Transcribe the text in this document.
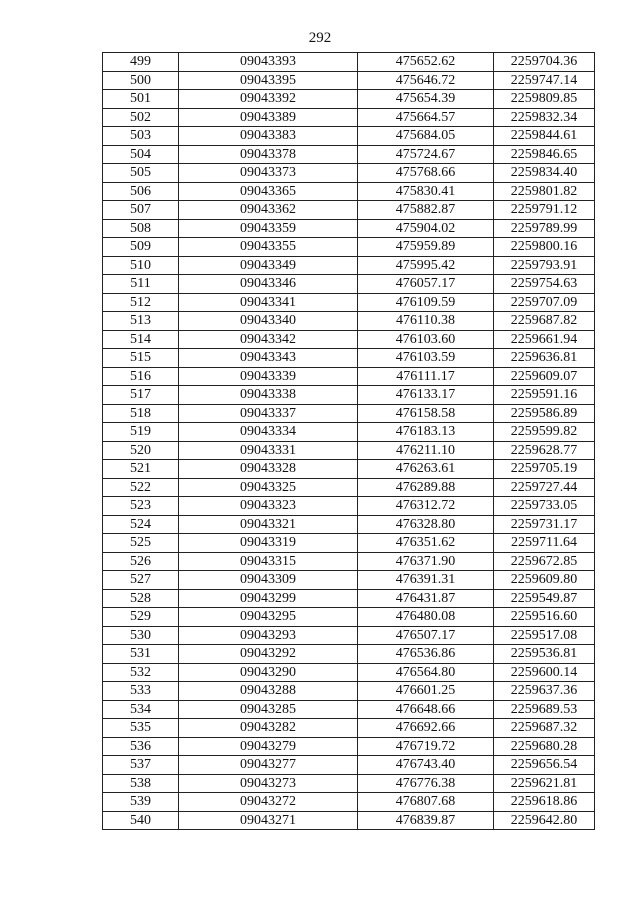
292
499	09043393	475652.62	2259704.36
500	09043395	475646.72	2259747.14
501	09043392	475654.39	2259809.85
502	09043389	475664.57	2259832.34
503	09043383	475684.05	2259844.61
504	09043378	475724.67	2259846.65
505	09043373	475768.66	2259834.40
506	09043365	475830.41	2259801.82
507	09043362	475882.87	2259791.12
508	09043359	475904.02	2259789.99
509	09043355	475959.89	2259800.16
510	09043349	475995.42	2259793.91
511	09043346	476057.17	2259754.63
512	09043341	476109.59	2259707.09
513	09043340	476110.38	2259687.82
514	09043342	476103.60	2259661.94
515	09043343	476103.59	2259636.81
516	09043339	476111.17	2259609.07
517	09043338	476133.17	2259591.16
518	09043337	476158.58	2259586.89
519	09043334	476183.13	2259599.82
520	09043331	476211.10	2259628.77
521	09043328	476263.61	2259705.19
522	09043325	476289.88	2259727.44
523	09043323	476312.72	2259733.05
524	09043321	476328.80	2259731.17
525	09043319	476351.62	2259711.64
526	09043315	476371.90	2259672.85
527	09043309	476391.31	2259609.80
528	09043299	476431.87	2259549.87
529	09043295	476480.08	2259516.60
530	09043293	476507.17	2259517.08
531	09043292	476536.86	2259536.81
532	09043290	476564.80	2259600.14
533	09043288	476601.25	2259637.36
534	09043285	476648.66	2259689.53
535	09043282	476692.66	2259687.32
536	09043279	476719.72	2259680.28
537	09043277	476743.40	2259656.54
538	09043273	476776.38	2259621.81
539	09043272	476807.68	2259618.86
540	09043271	476839.87	2259642.80
